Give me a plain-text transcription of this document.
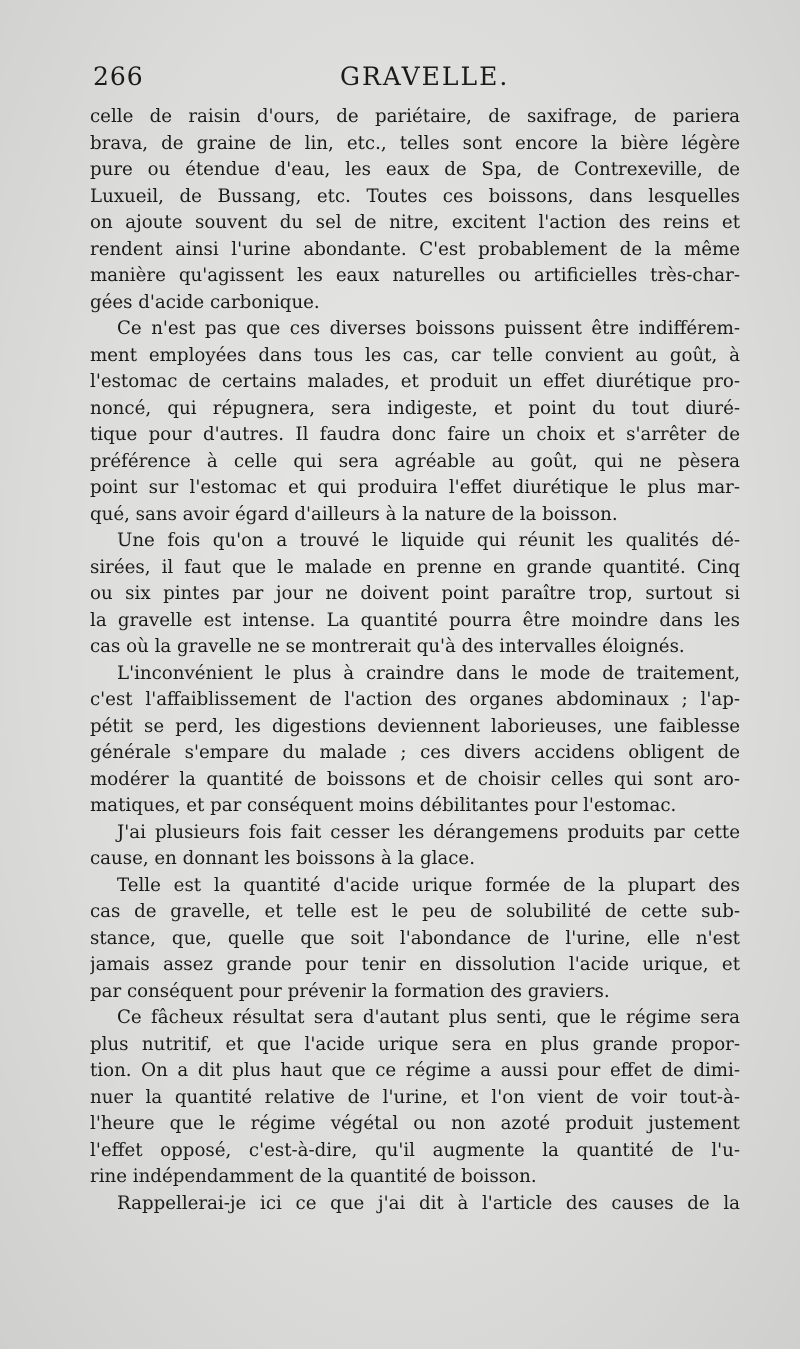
266	GRAVELLE.
celle de raisin d'ours, de pariétaire, de saxifrage, de pariera
brava, de graine de lin, etc., telles sont encore la bière légère
pure ou étendue d'eau, les eaux de Spa, de Contrexeville, de
Luxueil, de Bussang, etc. Toutes ces boissons, dans lesquelles
on ajoute souvent du sel de nitre, excitent l'action des reins et
rendent ainsi l'urine abondante. C'est probablement de la même
manière qu'agissent les eaux naturelles ou artificielles très-char-
gées d'acide carbonique.
Ce n'est pas que ces diverses boissons puissent être indifférem-
ment employées dans tous les cas, car telle convient au goût, à
l'estomac de certains malades, et produit un effet diurétique pro-
noncé, qui répugnera, sera indigeste, et point du tout diuré-
tique pour d'autres. Il faudra donc faire un choix et s'arrêter de
préférence à celle qui sera agréable au goût, qui ne pèsera
point sur l'estomac et qui produira l'effet diurétique le plus mar-
qué, sans avoir égard d'ailleurs à la nature de la boisson.
Une fois qu'on a trouvé le liquide qui réunit les qualités dé-
sirées, il faut que le malade en prenne en grande quantité. Cinq
ou six pintes par jour ne doivent point paraître trop, surtout si
la gravelle est intense. La quantité pourra être moindre dans les
cas où la gravelle ne se montrerait qu'à des intervalles éloignés.
L'inconvénient le plus à craindre dans le mode de traitement,
c'est l'affaiblissement de l'action des organes abdominaux ; l'ap-
pétit se perd, les digestions deviennent laborieuses, une faiblesse
générale s'empare du malade ; ces divers accidens obligent de
modérer la quantité de boissons et de choisir celles qui sont aro-
matiques, et par conséquent moins débilitantes pour l'estomac.
J'ai plusieurs fois fait cesser les dérangemens produits par cette
cause, en donnant les boissons à la glace.
Telle est la quantité d'acide urique formée de la plupart des
cas de gravelle, et telle est le peu de solubilité de cette sub-
stance, que, quelle que soit l'abondance de l'urine, elle n'est
jamais assez grande pour tenir en dissolution l'acide urique, et
par conséquent pour prévenir la formation des graviers.
Ce fâcheux résultat sera d'autant plus senti, que le régime sera
plus nutritif, et que l'acide urique sera en plus grande propor-
tion. On a dit plus haut que ce régime a aussi pour effet de dimi-
nuer la quantité relative de l'urine, et l'on vient de voir tout-à-
l'heure que le régime végétal ou non azoté produit justement
l'effet opposé, c'est-à-dire, qu'il augmente la quantité de l'u-
rine indépendamment de la quantité de boisson.
Rappellerai-je ici ce que j'ai dit à l'article des causes de la
